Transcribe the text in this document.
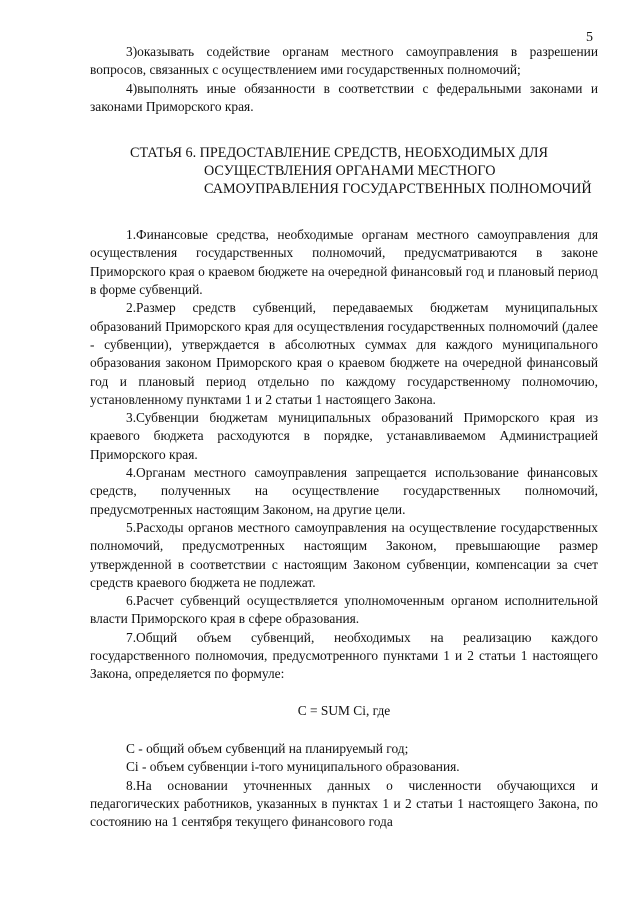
5

3)оказывать содействие органам местного самоуправления в разрешении вопросов, связанных с осуществлением ими государственных полномочий;

4)выполнять иные обязанности в соответствии с федеральными законами и законами Приморского края.

СТАТЬЯ 6. ПРЕДОСТАВЛЕНИЕ СРЕДСТВ, НЕОБХОДИМЫХ ДЛЯ
ОСУЩЕСТВЛЕНИЯ ОРГАНАМИ МЕСТНОГО САМОУПРАВЛЕНИЯ ГОСУДАРСТВЕННЫХ ПОЛНОМОЧИЙ

1.Финансовые средства, необходимые органам местного самоуправления для осуществления государственных полномочий, предусматриваются в законе Приморского края о краевом бюджете на очередной финансовый год и плановый период в форме субвенций.

2.Размер средств субвенций, передаваемых бюджетам муниципальных образований Приморского края для осуществления государственных полномочий (далее - субвенции), утверждается в абсолютных суммах для каждого муниципального образования законом Приморского края о краевом бюджете на очередной финансовый год и плановый период отдельно по каждому государственному полномочию, установленному пунктами 1 и 2 статьи 1 настоящего Закона.

3.Субвенции бюджетам муниципальных образований Приморского края из краевого бюджета расходуются в порядке, устанавливаемом Администрацией Приморского края.

4.Органам местного самоуправления запрещается использование финансовых средств, полученных на осуществление государственных полномочий, предусмотренных настоящим Законом, на другие цели.

5.Расходы органов местного самоуправления на осуществление государственных полномочий, предусмотренных настоящим Законом, превышающие размер утвержденной в соответствии с настоящим Законом субвенции, компенсации за счет средств краевого бюджета не подлежат.

6.Расчет субвенций осуществляется уполномоченным органом исполнительной власти Приморского края в сфере образования.

7.Общий объем субвенций, необходимых на реализацию каждого государственного полномочия, предусмотренного пунктами 1 и 2 статьи 1 настоящего Закона, определяется по формуле:

C = SUM Ci, где

С - общий объем субвенций на планируемый год;

Ci - объем субвенции i-того муниципального образования.

8.На основании уточненных данных о численности обучающихся и педагогических работников, указанных в пунктах 1 и 2 статьи 1 настоящего Закона, по состоянию на 1 сентября текущего финансового года
